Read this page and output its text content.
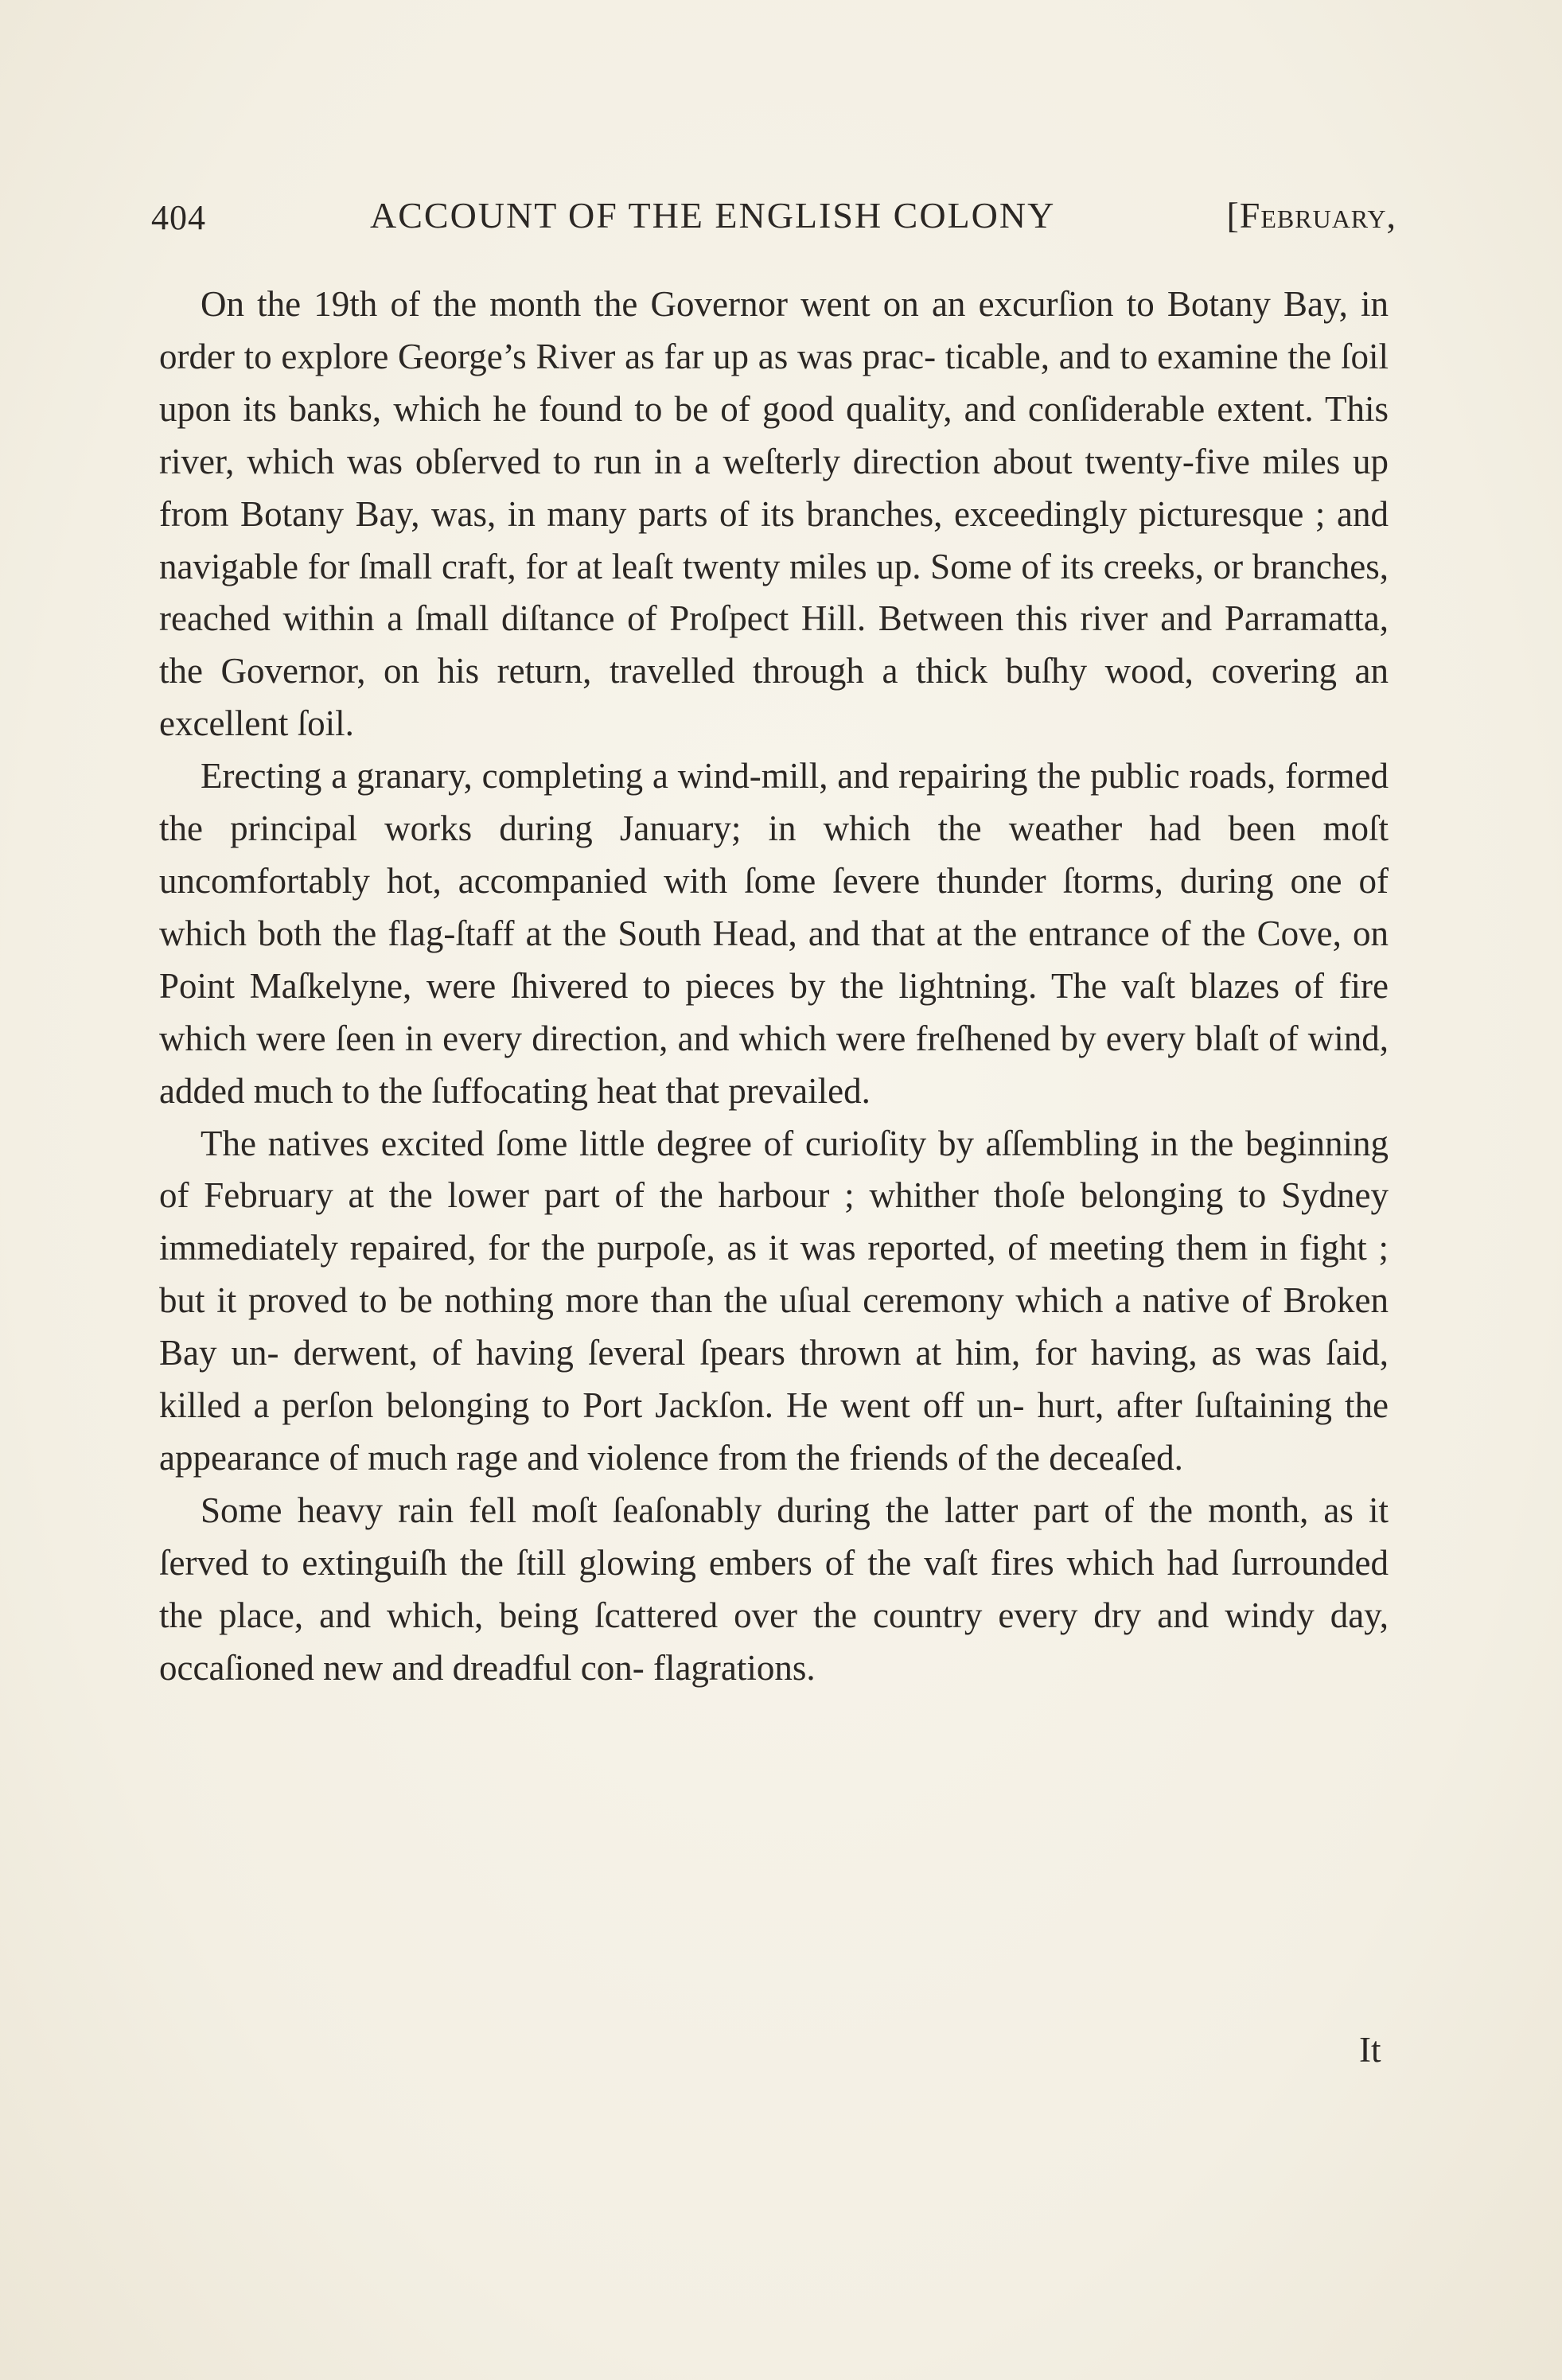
404	ACCOUNT OF THE ENGLISH COLONY	[February,

On the 19th of the month the Governor went on an excurſion to Botany Bay, in order to explore George’s River as far up as was prac- ticable, and to examine the ſoil upon its banks, which he found to be of good quality, and conſiderable extent. This river, which was obſerved to run in a weſterly direction about twenty-five miles up from Botany Bay, was, in many parts of its branches, exceedingly picturesque ; and navigable for ſmall craft, for at leaſt twenty miles up. Some of its creeks, or branches, reached within a ſmall diſtance of Proſpect Hill. Between this river and Parramatta, the Governor, on his return, travelled through a thick buſhy wood, covering an excellent ſoil.

Erecting a granary, completing a wind-mill, and repairing the public roads, formed the principal works during January; in which the weather had been moſt uncomfortably hot, accompanied with ſome ſevere thunder ſtorms, during one of which both the flag-ſtaff at the South Head, and that at the entrance of the Cove, on Point Maſkelyne, were ſhivered to pieces by the lightning. The vaſt blazes of fire which were ſeen in every direction, and which were freſhened by every blaſt of wind, added much to the ſuffocating heat that prevailed.

The natives excited ſome little degree of curioſity by aſſembling in the beginning of February at the lower part of the harbour ; whither thoſe belonging to Sydney immediately repaired, for the purpoſe, as it was reported, of meeting them in fight ; but it proved to be nothing more than the uſual ceremony which a native of Broken Bay un- derwent, of having ſeveral ſpears thrown at him, for having, as was ſaid, killed a perſon belonging to Port Jackſon. He went off un- hurt, after ſuſtaining the appearance of much rage and violence from the friends of the deceaſed.

Some heavy rain fell moſt ſeaſonably during the latter part of the month, as it ſerved to extinguiſh the ſtill glowing embers of the vaſt fires which had ſurrounded the place, and which, being ſcattered over the country every dry and windy day, occaſioned new and dreadful con- flagrations.

It
